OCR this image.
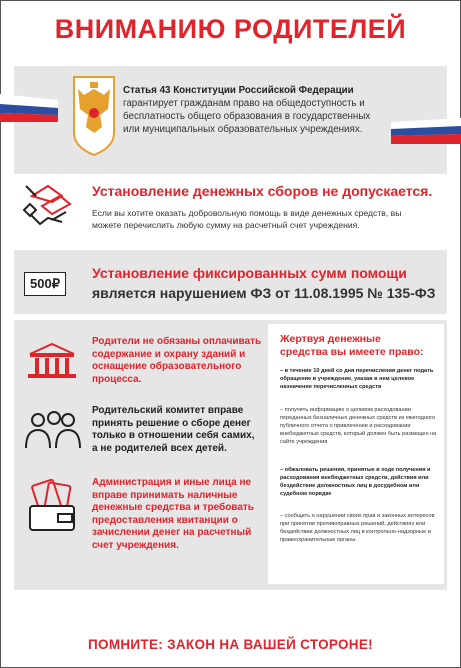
ВНИМАНИЮ РОДИТЕЛЕЙ
Статья 43 Конституции Российской Федерации
гарантирует гражданам право на общедоступность и бесплатность общего образования в государственных или муниципальных образовательных учреждениях.
Установление денежных сборов не допускается.
Если вы хотите оказать добровольную помощь в виде денежных средств, вы можете перечислить любую сумму на расчетный счет учреждения.
500₽
Установление фиксированных сумм помощи
является нарушением ФЗ от 11.08.1995 № 135-ФЗ
Родители не обязаны оплачивать содержание и охрану зданий и оснащение образовательного процесса.
Родительский комитет вправе принять решение о сборе денег только в отношении себя самих, а не родителей всех детей.
Администрация и иные лица не вправе принимать наличные денежные средства и требовать предоставления квитанции о зачислении денег на расчетный счет учреждения.
Жертвуя денежные средства вы имеете право:
– в течение 10 дней со дня перечисления денег подать обращение в учреждение, указав в нем целевое назначение перечисленных средств
– получить информацию о целевом расходовании переданных безналичных денежных средств из ежегодного публичного отчета о привлечении и расходовании внебюджетных средств, который должен быть размещен на сайте учреждения
– обжаловать решения, принятые в ходе получения и расходования внебюджетных средств, действия или бездействие должностных лиц в досудебном или судебном порядке
– сообщить о нарушении своих прав и законных интересов при принятии противоправных решений, действиях или бездействии должностных лиц в контрольно-надзорные и правоохранительные органы.
ПОМНИТЕ: ЗАКОН НА ВАШЕЙ СТОРОНЕ!
